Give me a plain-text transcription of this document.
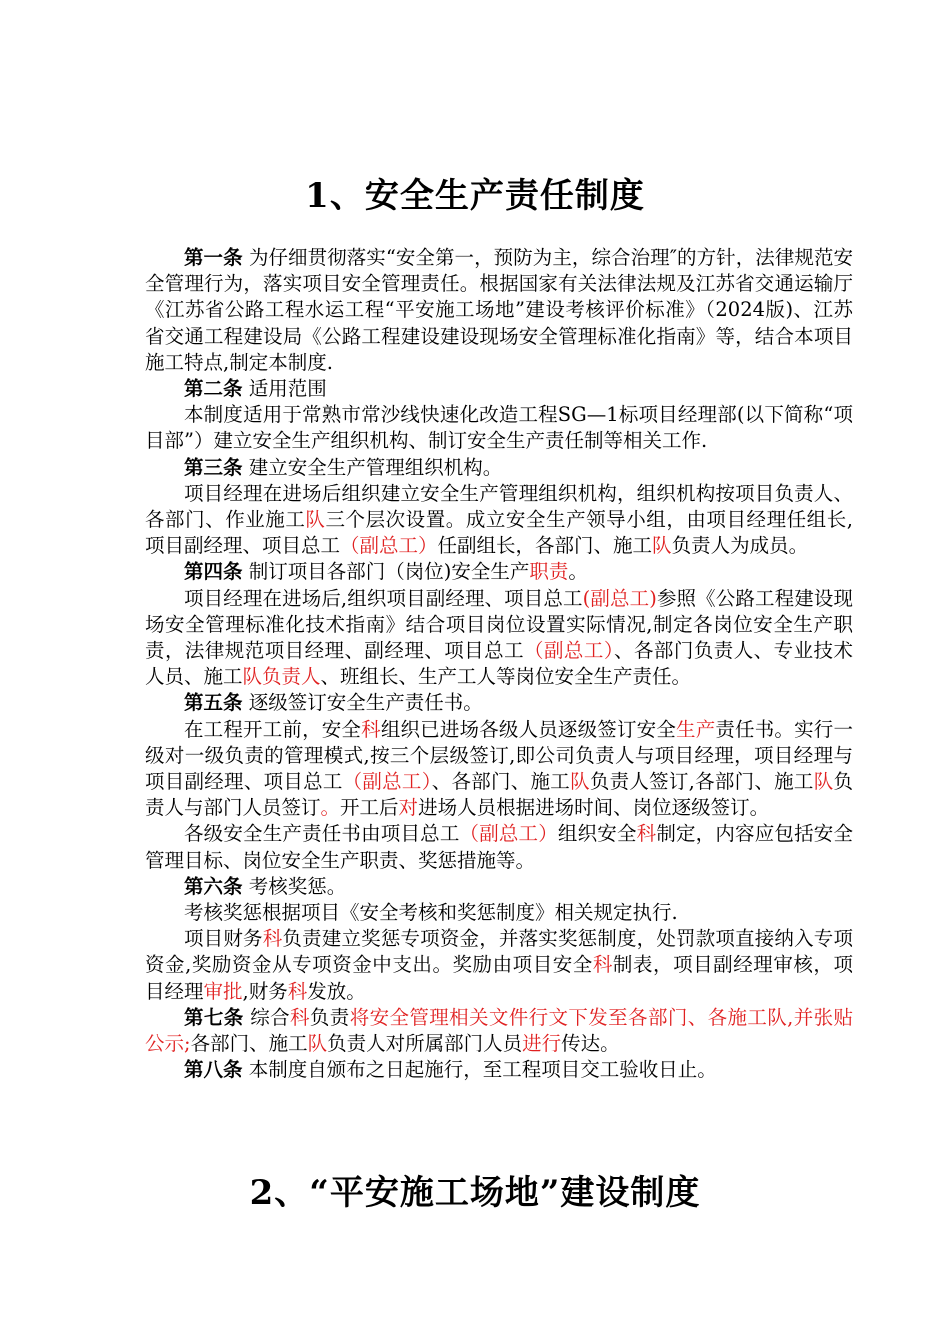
1、安全生产责任制度

第一条 为仔细贯彻落实“安全第一，预防为主，综合治理″的方针，法律规范安全管理行为，落实项目安全管理责任。根据国家有关法律法规及江苏省交通运输厅《江苏省公路工程水运工程“平安施工场地”建设考核评价标准》（2024版)、江苏省交通工程建设局《公路工程建设建设现场安全管理标准化指南》等，结合本项目施工特点,制定本制度.

第二条 适用范围

本制度适用于常熟市常沙线快速化改造工程SG—1标项目经理部(以下简称“项目部”）建立安全生产组织机构、制订安全生产责任制等相关工作.

第三条 建立安全生产管理组织机构。

项目经理在进场后组织建立安全生产管理组织机构，组织机构按项目负责人、各部门、作业施工队三个层次设置。成立安全生产领导小组，由项目经理任组长,项目副经理、项目总工（副总工）任副组长，各部门、施工队负责人为成员。

第四条 制订项目各部门（岗位)安全生产职责。

项目经理在进场后,组织项目副经理、项目总工(副总工)参照《公路工程建设现场安全管理标准化技术指南》结合项目岗位设置实际情况,制定各岗位安全生产职责，法律规范项目经理、副经理、项目总工（副总工）、各部门负责人、专业技术人员、施工队负责人、班组长、生产工人等岗位安全生产责任。

第五条 逐级签订安全生产责任书。

在工程开工前，安全科组织已进场各级人员逐级签订安全生产责任书。实行一级对一级负责的管理模式,按三个层级签订,即公司负责人与项目经理，项目经理与项目副经理、项目总工（副总工）、各部门、施工队负责人签订,各部门、施工队负责人与部门人员签订。开工后对进场人员根据进场时间、岗位逐级签订。

各级安全生产责任书由项目总工（副总工）组织安全科制定，内容应包括安全管理目标、岗位安全生产职责、奖惩措施等。

第六条 考核奖惩。

考核奖惩根据项目《安全考核和奖惩制度》相关规定执行.

项目财务科负责建立奖惩专项资金，并落实奖惩制度，处罚款项直接纳入专项资金,奖励资金从专项资金中支出。奖励由项目安全科制表，项目副经理审核，项目经理审批,财务科发放。

第七条 综合科负责将安全管理相关文件行文下发至各部门、各施工队,并张贴公示;各部门、施工队负责人对所属部门人员进行传达。

第八条 本制度自颁布之日起施行，至工程项目交工验收日止。

2、“平安施工场地”建设制度
